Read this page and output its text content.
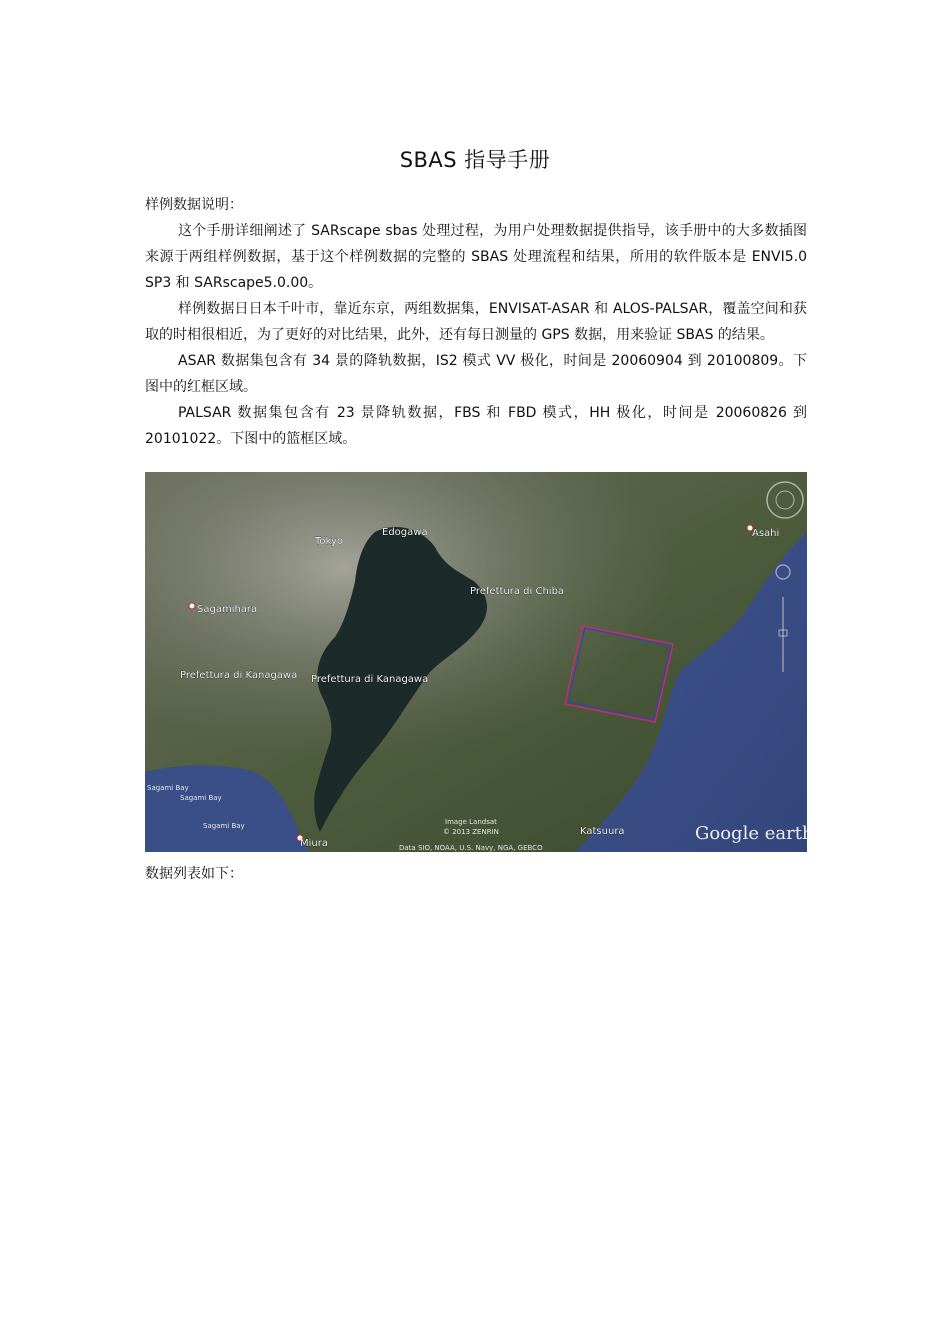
SBAS 指导手册

样例数据说明：

这个手册详细阐述了 SARscape sbas 处理过程，为用户处理数据提供指导，该手册中的大多数插图来源于两组样例数据，基于这个样例数据的完整的 SBAS 处理流程和结果，所用的软件版本是 ENVI5.0 SP3 和 SARscape5.0.00。

样例数据日日本千叶市，靠近东京，两组数据集，ENVISAT-ASAR 和 ALOS-PALSAR，覆盖空间和获取的时相很相近，为了更好的对比结果，此外，还有每日测量的 GPS 数据，用来验证 SBAS 的结果。

ASAR 数据集包含有 34 景的降轨数据，IS2 模式 VV 极化，时间是 20060904 到 20100809。下图中的红框区域。

PALSAR 数据集包含有 23 景降轨数据，FBS 和 FBD 模式，HH 极化，时间是 20060826 到 20101022。下图中的篮框区域。

Tokyo
Edogawa
Sagamihara
Prefettura di Chiba
Prefettura di Kanagawa Prefettura di Kanagawa
Asahi
Miura
Katsuura
Sagami Bay
Sagami Bay
Sagami Bay	Image Landsat
© 2013 ZENRIN
Data SIO, NOAA, U.S. Navy, NGA, GEBCO
Google earth
数据列表如下：
